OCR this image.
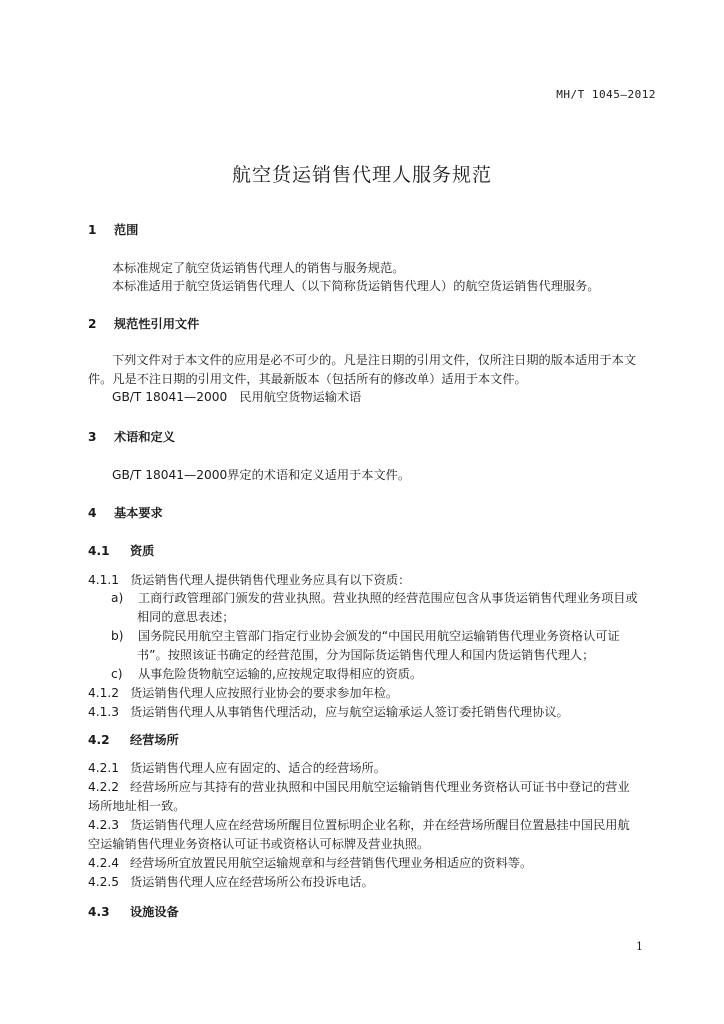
MH/T 1045—2012
航空货运销售代理人服务规范
1 范围
本标准规定了航空货运销售代理人的销售与服务规范。
本标准适用于航空货运销售代理人（以下简称货运销售代理人）的航空货运销售代理服务。
2 规范性引用文件
下列文件对于本文件的应用是必不可少的。凡是注日期的引用文件，仅所注日期的版本适用于本文
件。凡是不注日期的引用文件，其最新版本（包括所有的修改单）适用于本文件。
GB/T 18041—2000　民用航空货物运输术语
3 术语和定义
GB/T 18041—2000界定的术语和定义适用于本文件。
4 基本要求
4.1 资质
4.1.1 货运销售代理人提供销售代理业务应具有以下资质：
a) 工商行政管理部门颁发的营业执照。营业执照的经营范围应包含从事货运销售代理业务项目或
相同的意思表述；
b) 国务院民用航空主管部门指定行业协会颁发的“中国民用航空运输销售代理业务资格认可证
书”。按照该证书确定的经营范围，分为国际货运销售代理人和国内货运销售代理人；
c) 从事危险货物航空运输的,应按规定取得相应的资质。
4.1.2 货运销售代理人应按照行业协会的要求参加年检。
4.1.3 货运销售代理人从事销售代理活动，应与航空运输承运人签订委托销售代理协议。
4.2 经营场所
4.2.1 货运销售代理人应有固定的、适合的经营场所。
4.2.2 经营场所应与其持有的营业执照和中国民用航空运输销售代理业务资格认可证书中登记的营业
场所地址相一致。
4.2.3 货运销售代理人应在经营场所醒目位置标明企业名称，并在经营场所醒目位置悬挂中国民用航
空运输销售代理业务资格认可证书或资格认可标牌及营业执照。
4.2.4 经营场所宜放置民用航空运输规章和与经营销售代理业务相适应的资料等。
4.2.5 货运销售代理人应在经营场所公布投诉电话。
4.3 设施设备
1
